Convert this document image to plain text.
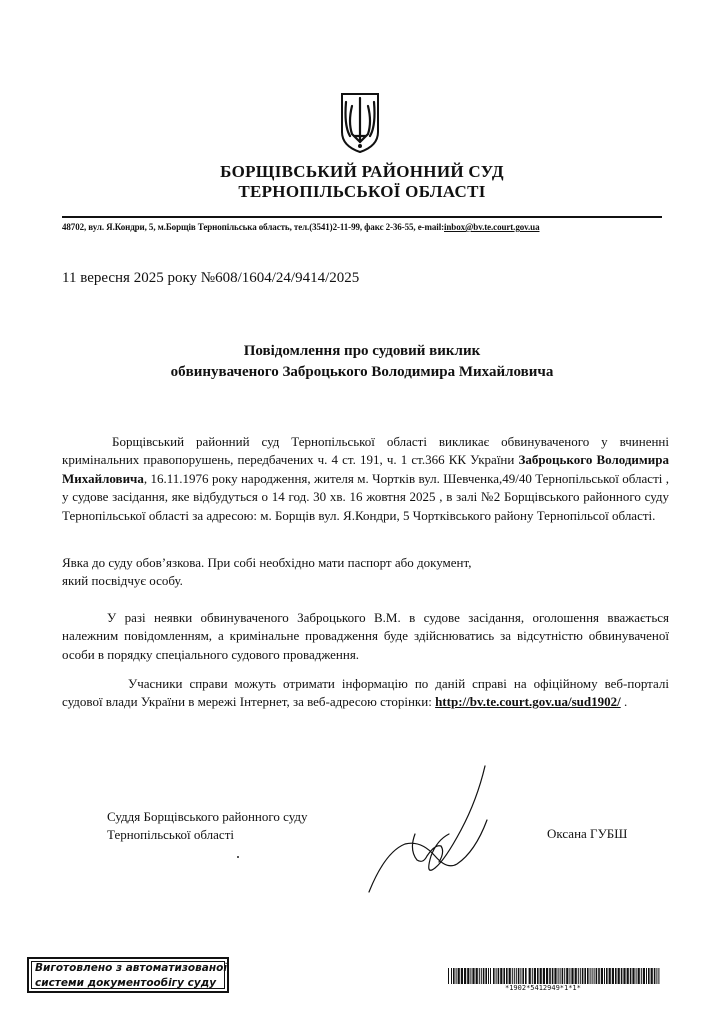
БОРЩІВСЬКИЙ РАЙОННИЙ СУД
ТЕРНОПІЛЬСЬКОЇ ОБЛАСТІ
48702, вул. Я.Кондри, 5, м.Борщів Тернопільська область, тел.(3541)2-11-99, факс 2-36-55, e-mail:inbox@bv.te.court.gov.ua
11 вересня 2025 року №608/1604/24/9414/2025
Повідомлення про судовий виклик
обвинуваченого Заброцького Володимира Михайловича

Борщівський районний суд Тернопільської області викликає обвинуваченого у вчиненні кримінальних правопорушень, передбачених ч. 4 ст. 191, ч. 1 ст.366 КК України Заброцького Володимира Михайловича, 16.11.1976 року народження, жителя м. Чортків вул. Шевченка,49/40 Тернопільської області , у судове засідання, яке відбудуться о 14 год. 30 хв. 16 жовтня 2025 , в залі №2 Борщівського районного суду Тернопільської області за адресою: м. Борщів вул. Я.Кондри, 5 Чортківського району Тернопільсої області.

Явка до суду обов’язкова. При собі необхідно мати паспорт або документ,

який посвідчує особу.

У разі неявки обвинуваченого Заброцького В.М. в судове засідання, оголошення вважається належним повідомленням, а кримінальне провадження буде здійснюватись за відсутністю обвинуваченої особи в порядку спеціального судового провадження.

Учасники справи можуть отримати інформацію по даній справі на офіційному веб-порталі судової влади України в мережі Інтернет, за веб-адресою сторінки: http://bv.te.court.gov.ua/sud1902/ .

Суддя Борщівського районного суду
Тернопільської області	Оксана ГУБШ
Виготовлено з автоматизованої
системи документообігу суду	*1902*5412949*1*1*
